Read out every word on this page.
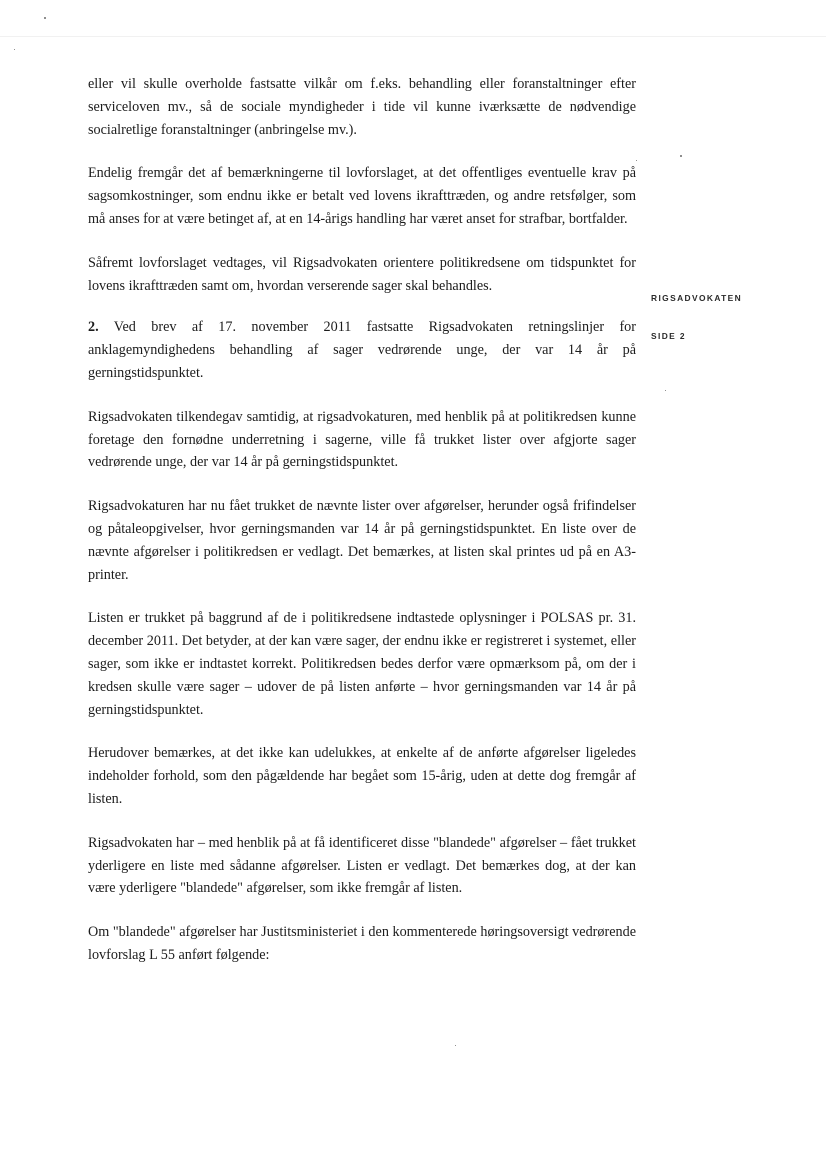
RIGSADVOKATEN
SIDE 2

eller vil skulle overholde fastsatte vilkår om f.eks. behandling eller foranstaltninger efter serviceloven mv., så de sociale myndigheder i tide vil kunne iværksætte de nødvendige socialretlige foranstaltninger (anbringelse mv.).

Endelig fremgår det af bemærkningerne til lovforslaget, at det offentliges eventuelle krav på sagsomkostninger, som endnu ikke er betalt ved lovens ikrafttræden, og andre retsfølger, som må anses for at være betinget af, at en 14-årigs handling har været anset for strafbar, bortfalder.

Såfremt lovforslaget vedtages, vil Rigsadvokaten orientere politikredsene om tidspunktet for lovens ikrafttræden samt om, hvordan verserende sager skal behandles.

2. Ved brev af 17. november 2011 fastsatte Rigsadvokaten retningslinjer for anklagemyndighedens behandling af sager vedrørende unge, der var 14 år på gerningstidspunktet.

Rigsadvokaten tilkendegav samtidig, at rigsadvokaturen, med henblik på at politikredsen kunne foretage den fornødne underretning i sagerne, ville få trukket lister over afgjorte sager vedrørende unge, der var 14 år på gerningstidspunktet.

Rigsadvokaturen har nu fået trukket de nævnte lister over afgørelser, herunder også frifindelser og påtaleopgivelser, hvor gerningsmanden var 14 år på gerningstidspunktet. En liste over de nævnte afgørelser i politikredsen er vedlagt. Det bemærkes, at listen skal printes ud på en A3-printer.

Listen er trukket på baggrund af de i politikredsene indtastede oplysninger i POLSAS pr. 31. december 2011. Det betyder, at der kan være sager, der endnu ikke er registreret i systemet, eller sager, som ikke er indtastet korrekt. Politikredsen bedes derfor være opmærksom på, om der i kredsen skulle være sager – udover de på listen anførte – hvor gerningsmanden var 14 år på gerningstidspunktet.

Herudover bemærkes, at det ikke kan udelukkes, at enkelte af de anførte afgørelser ligeledes indeholder forhold, som den pågældende har begået som 15-årig, uden at dette dog fremgår af listen.

Rigsadvokaten har – med henblik på at få identificeret disse "blandede" afgørelser – fået trukket yderligere en liste med sådanne afgørelser. Listen er vedlagt. Det bemærkes dog, at der kan være yderligere "blandede" afgørelser, som ikke fremgår af listen.

Om "blandede" afgørelser har Justitsministeriet i den kommenterede høringsoversigt vedrørende lovforslag L 55 anført følgende:
